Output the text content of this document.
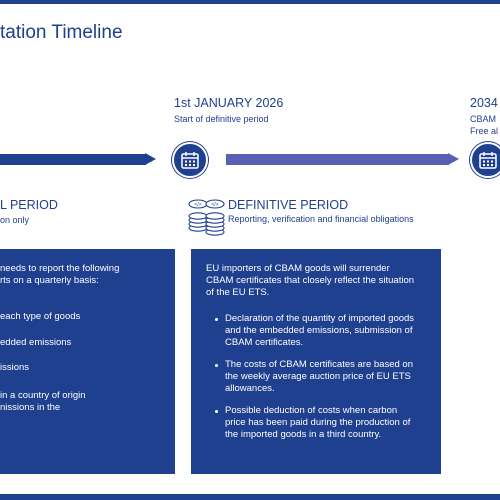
tation Timeline
1st JANUARY 2026
Start of definitive period
2034
CBAM
Free al
L PERIOD
on only
</> </> DEFINITIVE PERIOD
Reporting, verification and financial obligations
needs to report the following
rts on a quarterly basis:
each type of goods
edded emissions
issions
in a country of origin
nissions in the
EU importers of CBAM goods will surrender
CBAM certificates that closely reflect the situation
of the EU ETS.
Declaration of the quantity of imported goods
and the embedded emissions, submission of
CBAM certificates.
The costs of CBAM certificates are based on
the weekly average auction price of EU ETS
allowances.
Possible deduction of costs when carbon
price has been paid during the production of
the imported goods in a third country.
